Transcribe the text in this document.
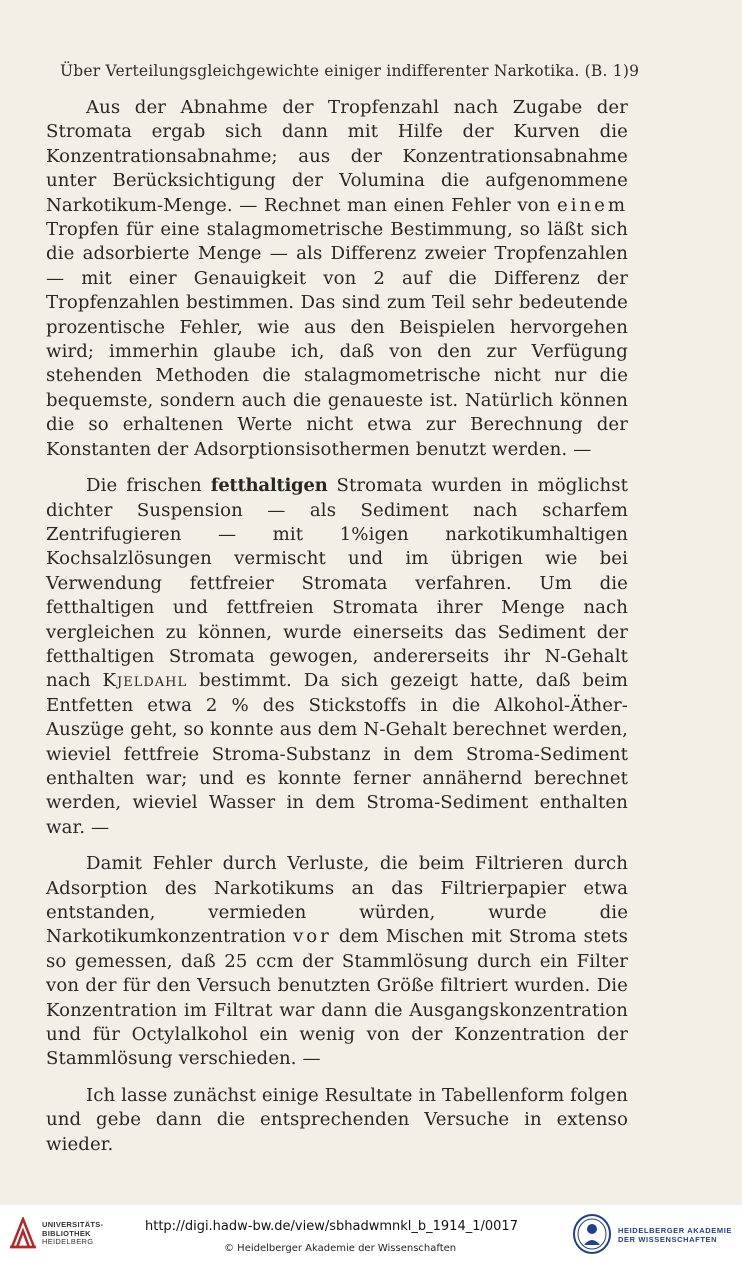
Über Verteilungsgleichgewichte einiger indifferenter Narkotika. (B. 1) 9

Aus der Abnahme der Tropfenzahl nach Zugabe der Stromata ergab sich dann mit Hilfe der Kurven die Konzentrationsabnahme; aus der Konzentrationsabnahme unter Berücksichtigung der Volumina die aufgenommene Narkotikum-Menge. — Rechnet man einen Fehler von einem Tropfen für eine stalagmometrische Bestimmung, so läßt sich die adsorbierte Menge — als Differenz zweier Tropfenzahlen — mit einer Genauigkeit von 2 auf die Differenz der Tropfenzahlen bestimmen. Das sind zum Teil sehr bedeutende prozentische Fehler, wie aus den Beispielen hervorgehen wird; immerhin glaube ich, daß von den zur Verfügung stehenden Methoden die stalagmometrische nicht nur die bequemste, sondern auch die genaueste ist. Natürlich können die so erhaltenen Werte nicht etwa zur Berechnung der Konstanten der Adsorptionsisothermen benutzt werden. —

Die frischen fetthaltigen Stromata wurden in möglichst dichter Suspension — als Sediment nach scharfem Zentrifugieren — mit 1%igen narkotikumhaltigen Kochsalzlösungen vermischt und im übrigen wie bei Verwendung fettfreier Stromata verfahren. Um die fetthaltigen und fettfreien Stromata ihrer Menge nach vergleichen zu können, wurde einerseits das Sediment der fetthaltigen Stromata gewogen, andererseits ihr N-Gehalt nach Kjeldahl bestimmt. Da sich gezeigt hatte, daß beim Entfetten etwa 2 % des Stickstoffs in die Alkohol-Äther-Auszüge geht, so konnte aus dem N-Gehalt berechnet werden, wieviel fettfreie Stroma-Substanz in dem Stroma-Sediment enthalten war; und es konnte ferner annähernd berechnet werden, wieviel Wasser in dem Stroma-Sediment enthalten war. —

Damit Fehler durch Verluste, die beim Filtrieren durch Adsorption des Narkotikums an das Filtrierpapier etwa entstanden, vermieden würden, wurde die Narkotikumkonzentration vor dem Mischen mit Stroma stets so gemessen, daß 25 ccm der Stammlösung durch ein Filter von der für den Versuch benutzten Größe filtriert wurden. Die Konzentration im Filtrat war dann die Ausgangskonzentration und für Octylalkohol ein wenig von der Konzentration der Stammlösung verschieden. —

Ich lasse zunächst einige Resultate in Tabellenform folgen und gebe dann die entsprechenden Versuche in extenso wieder.

UNIVERSITÄTS-
BIBLIOTHEK
HEIDELBERG
http://digi.hadw-bw.de/view/sbhadwmnkl_b_1914_1/0017
© Heidelberger Akademie der Wissenschaften
HEIDELBERGER AKADEMIE
DER WISSENSCHAFTEN
